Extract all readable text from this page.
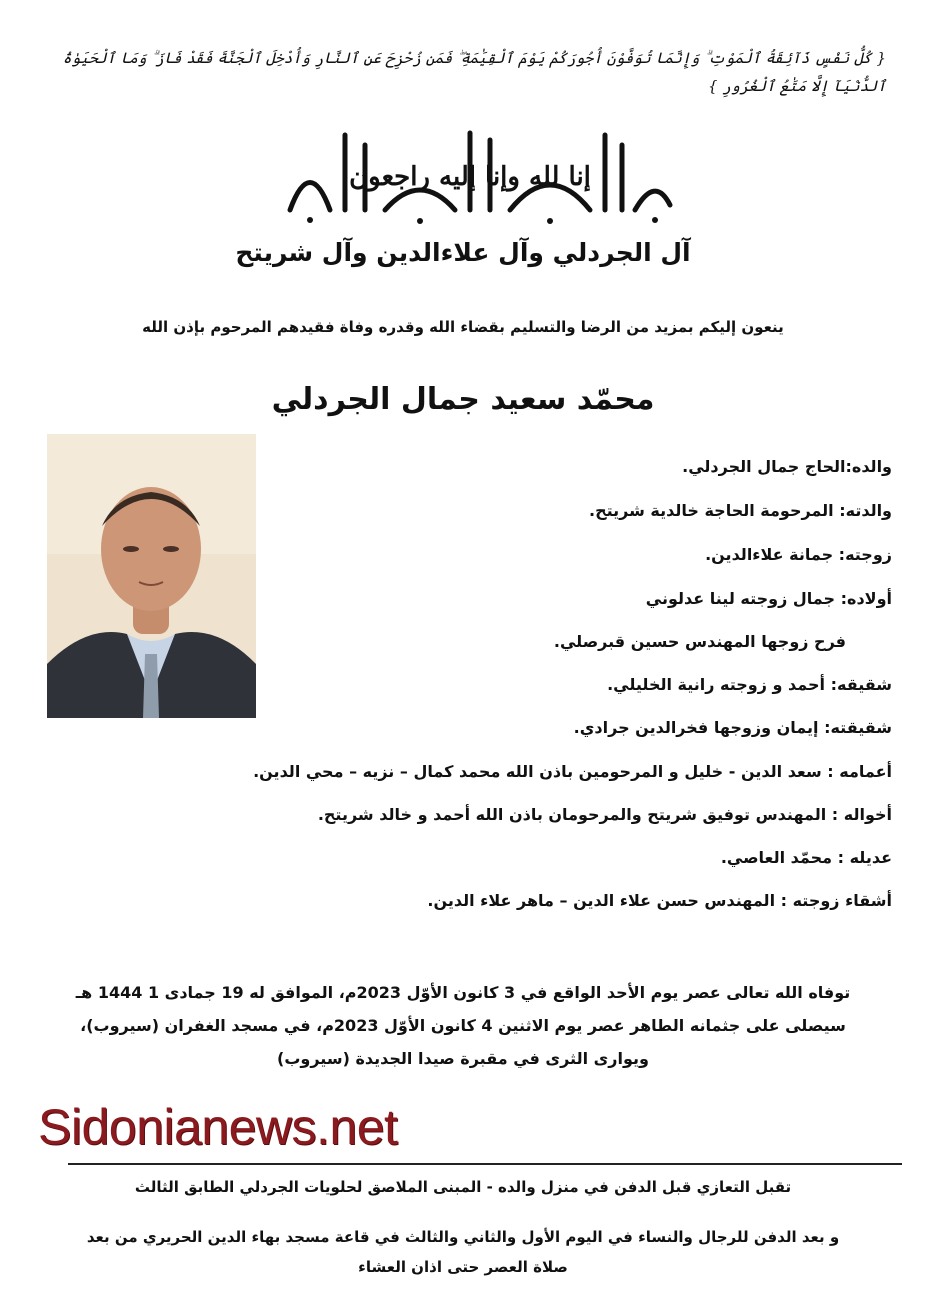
{ كُلُّ نَفْسٍ ذَآئِقَةُ ٱلْمَوْتِ ۗ وَإِنَّمَا تُوَفَّوْنَ أُجُورَكُمْ يَوْمَ ٱلْقِيَٰمَةِ ۖ فَمَن زُحْزِحَ عَنِ ٱلنَّارِ وَأُدْخِلَ ٱلْجَنَّةَ فَقَدْ فَازَ ۗ وَمَا ٱلْحَيَوٰةُ ٱلدُّنْيَآ إِلَّا مَتَٰعُ ٱلْغُرُورِ }
إنا لله وإنا إليه راجعون
آل الجردلي وآل علاءالدين وآل شريتح
ينعون إليكم بمزيد من الرضا والتسليم بقضاء الله وقدره وفاة فقيدهم المرحوم بإذن الله
محمّد سعيد جمال الجردلي
والده:الحاج جمال الجردلي.
والدته: المرحومة الحاجة خالدية شريتح.
زوجته: جمانة علاءالدين.
أولاده: جمال زوجته لينا عدلوني
فرح زوجها المهندس حسين قبرصلي.
شقيقه: أحمد و زوجته رانية الخليلي.
شقيقته: إيمان وزوجها فخرالدين جرادي.
أعمامه : سعد الدين - خليل و المرحومين باذن الله محمد كمال – نزيه – محي الدين.
أخواله : المهندس توفيق شريتح والمرحومان باذن الله أحمد و خالد شريتح.
عديله : محمّد العاصي.
أشقاء زوجته : المهندس حسن علاء الدين – ماهر علاء الدين.
توفاه الله تعالى عصر يوم الأحد الواقع في 3 كانون الأوّل 2023م، الموافق له 19 جمادى 1 1444 هـ
سيصلى على جثمانه الطاهر عصر يوم الاثنين 4 كانون الأوّل 2023م، في مسجد الغفران (سيروب)،
ويوارى الثرى في مقبرة صيدا الجديدة (سيروب)
Sidonianews.net
تقبل التعازي قبل الدفن في منزل والده - المبنى الملاصق لحلويات الجردلي الطابق الثالث
و بعد الدفن للرجال والنساء في اليوم الأول والثاني والثالث في قاعة مسجد بهاء الدين الحريري من بعد
صلاة العصر حتى اذان العشاء
